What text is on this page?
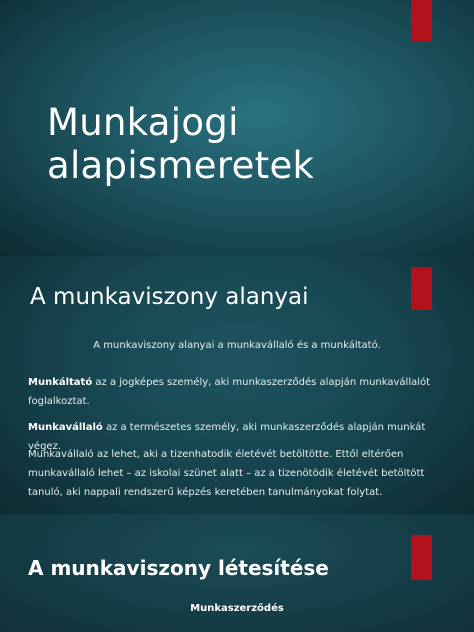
Munkajogi
alapismeretek
A munkaviszony alanyai
A munkaviszony alanyai a munkavállaló és a munkáltató.
Munkáltató az a jogképes személy, aki munkaszerződés alapján munkavállalót foglalkoztat.
Munkavállaló az a természetes személy, aki munkaszerződés alapján munkát végez.
Munkavállaló az lehet, aki a tizenhatodik életévét betöltötte. Ettől eltérően munkavállaló lehet – az iskolai szünet alatt – az a tizenötödik életévét betöltött tanuló, aki nappali rendszerű képzés keretében tanulmányokat folytat.
A munkaviszony létesítése
Munkaszerződés
